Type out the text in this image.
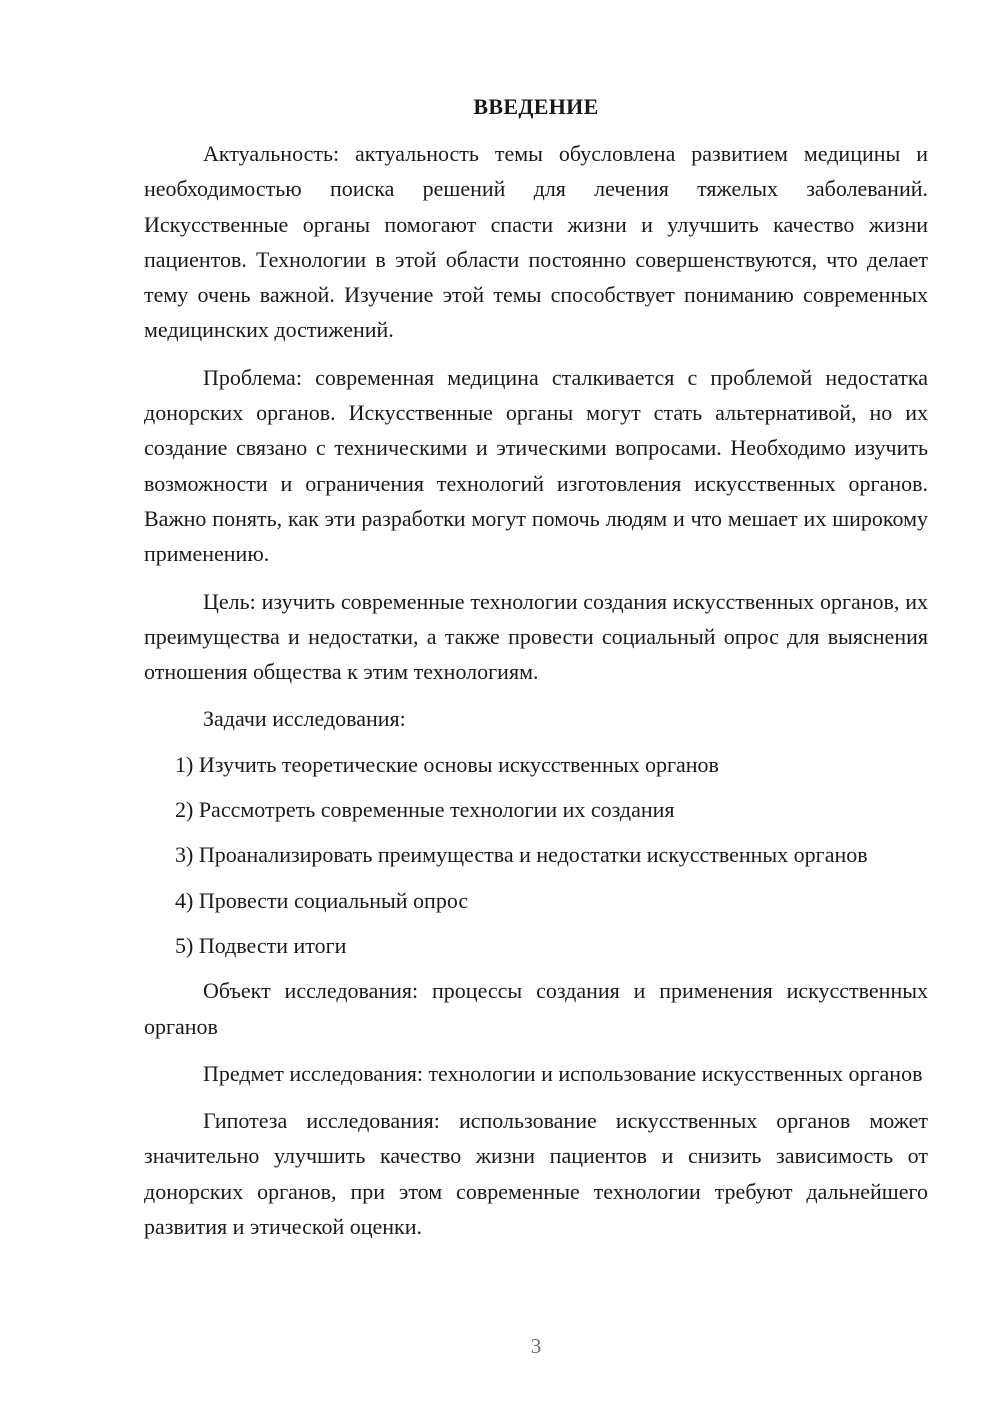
ВВЕДЕНИЕ

Актуальность: актуальность темы обусловлена развитием медицины и необходимостью поиска решений для лечения тяжелых заболеваний. Искусственные органы помогают спасти жизни и улучшить качество жизни пациентов. Технологии в этой области постоянно совершенствуются, что делает тему очень важной. Изучение этой темы способствует пониманию современных медицинских достижений.

Проблема: современная медицина сталкивается с проблемой недостатка донорских органов. Искусственные органы могут стать альтернативой, но их создание связано с техническими и этическими вопросами. Необходимо изучить возможности и ограничения технологий изготовления искусственных органов. Важно понять, как эти разработки могут помочь людям и что мешает их широкому применению.

Цель: изучить современные технологии создания искусственных органов, их преимущества и недостатки, а также провести социальный опрос для выяснения отношения общества к этим технологиям.

Задачи исследования:

1) Изучить теоретические основы искусственных органов

2) Рассмотреть современные технологии их создания

3) Проанализировать преимущества и недостатки искусственных органов

4) Провести социальный опрос

5) Подвести итоги

Объект исследования: процессы создания и применения искусственных органов

Предмет исследования: технологии и использование искусственных органов

Гипотеза исследования: использование искусственных органов может значительно улучшить качество жизни пациентов и снизить зависимость от донорских органов, при этом современные технологии требуют дальнейшего развития и этической оценки.

3
